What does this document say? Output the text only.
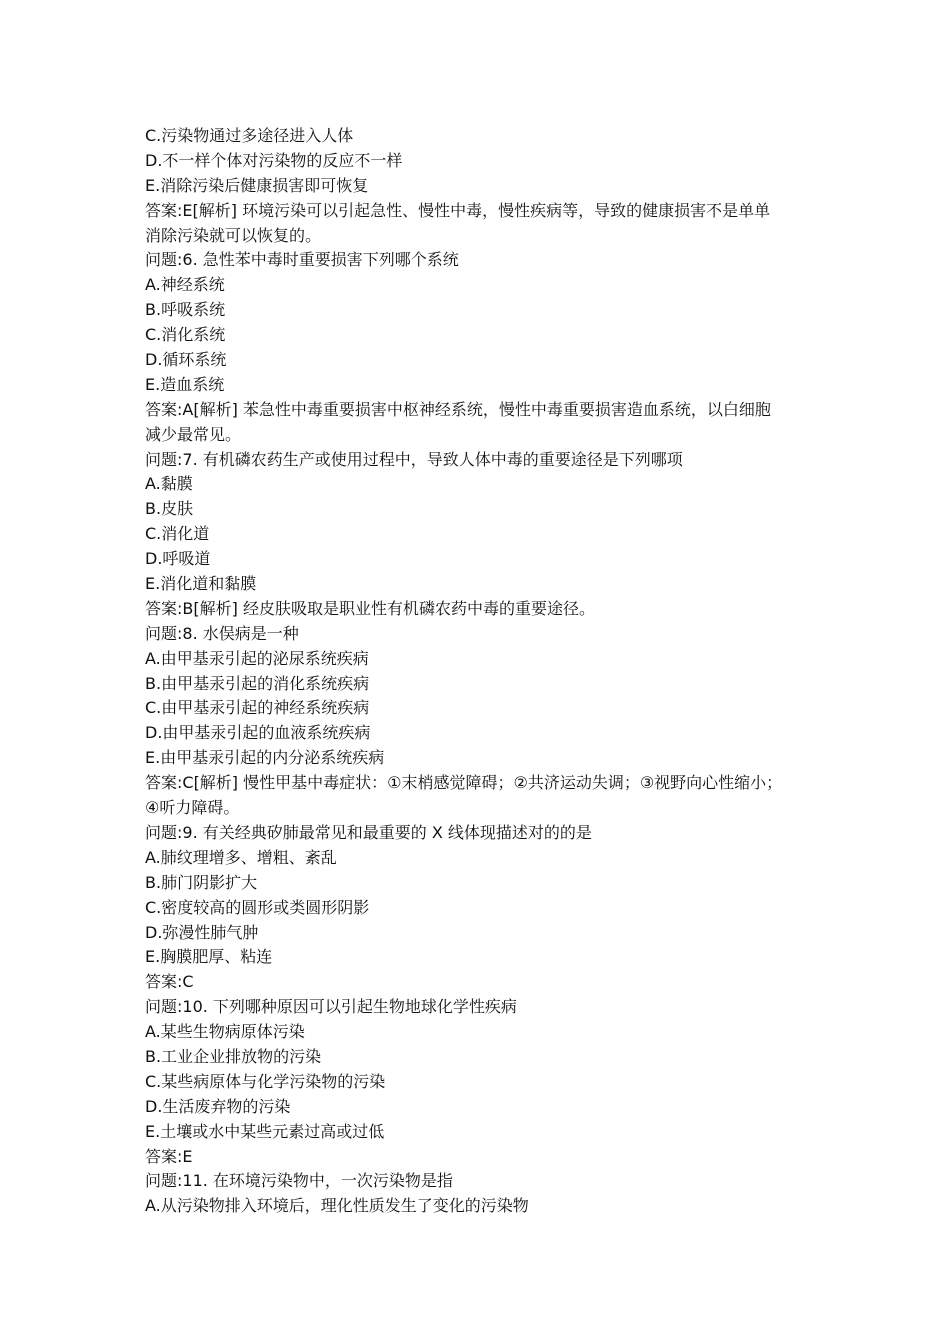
C.污染物通过多途径进入人体
D.不一样个体对污染物的反应不一样
E.消除污染后健康损害即可恢复
答案:E[解析] 环境污染可以引起急性、慢性中毒，慢性疾病等，导致的健康损害不是单单
消除污染就可以恢复的。
问题:6. 急性苯中毒时重要损害下列哪个系统
A.神经系统
B.呼吸系统
C.消化系统
D.循环系统
E.造血系统
答案:A[解析] 苯急性中毒重要损害中枢神经系统，慢性中毒重要损害造血系统，以白细胞
减少最常见。
问题:7. 有机磷农药生产或使用过程中，导致人体中毒的重要途径是下列哪项
A.黏膜
B.皮肤
C.消化道
D.呼吸道
E.消化道和黏膜
答案:B[解析] 经皮肤吸取是职业性有机磷农药中毒的重要途径。
问题:8. 水俣病是一种
A.由甲基汞引起的泌尿系统疾病
B.由甲基汞引起的消化系统疾病
C.由甲基汞引起的神经系统疾病
D.由甲基汞引起的血液系统疾病
E.由甲基汞引起的内分泌系统疾病
答案:C[解析] 慢性甲基中毒症状：①末梢感觉障碍；②共济运动失调；③视野向心性缩小；
④听力障碍。
问题:9. 有关经典矽肺最常见和最重要的 X 线体现描述对的的是
A.肺纹理增多、增粗、紊乱
B.肺门阴影扩大
C.密度较高的圆形或类圆形阴影
D.弥漫性肺气肿
E.胸膜肥厚、粘连
答案:C
问题:10. 下列哪种原因可以引起生物地球化学性疾病
A.某些生物病原体污染
B.工业企业排放物的污染
C.某些病原体与化学污染物的污染
D.生活废弃物的污染
E.土壤或水中某些元素过高或过低
答案:E
问题:11. 在环境污染物中，一次污染物是指
A.从污染物排入环境后，理化性质发生了变化的污染物
